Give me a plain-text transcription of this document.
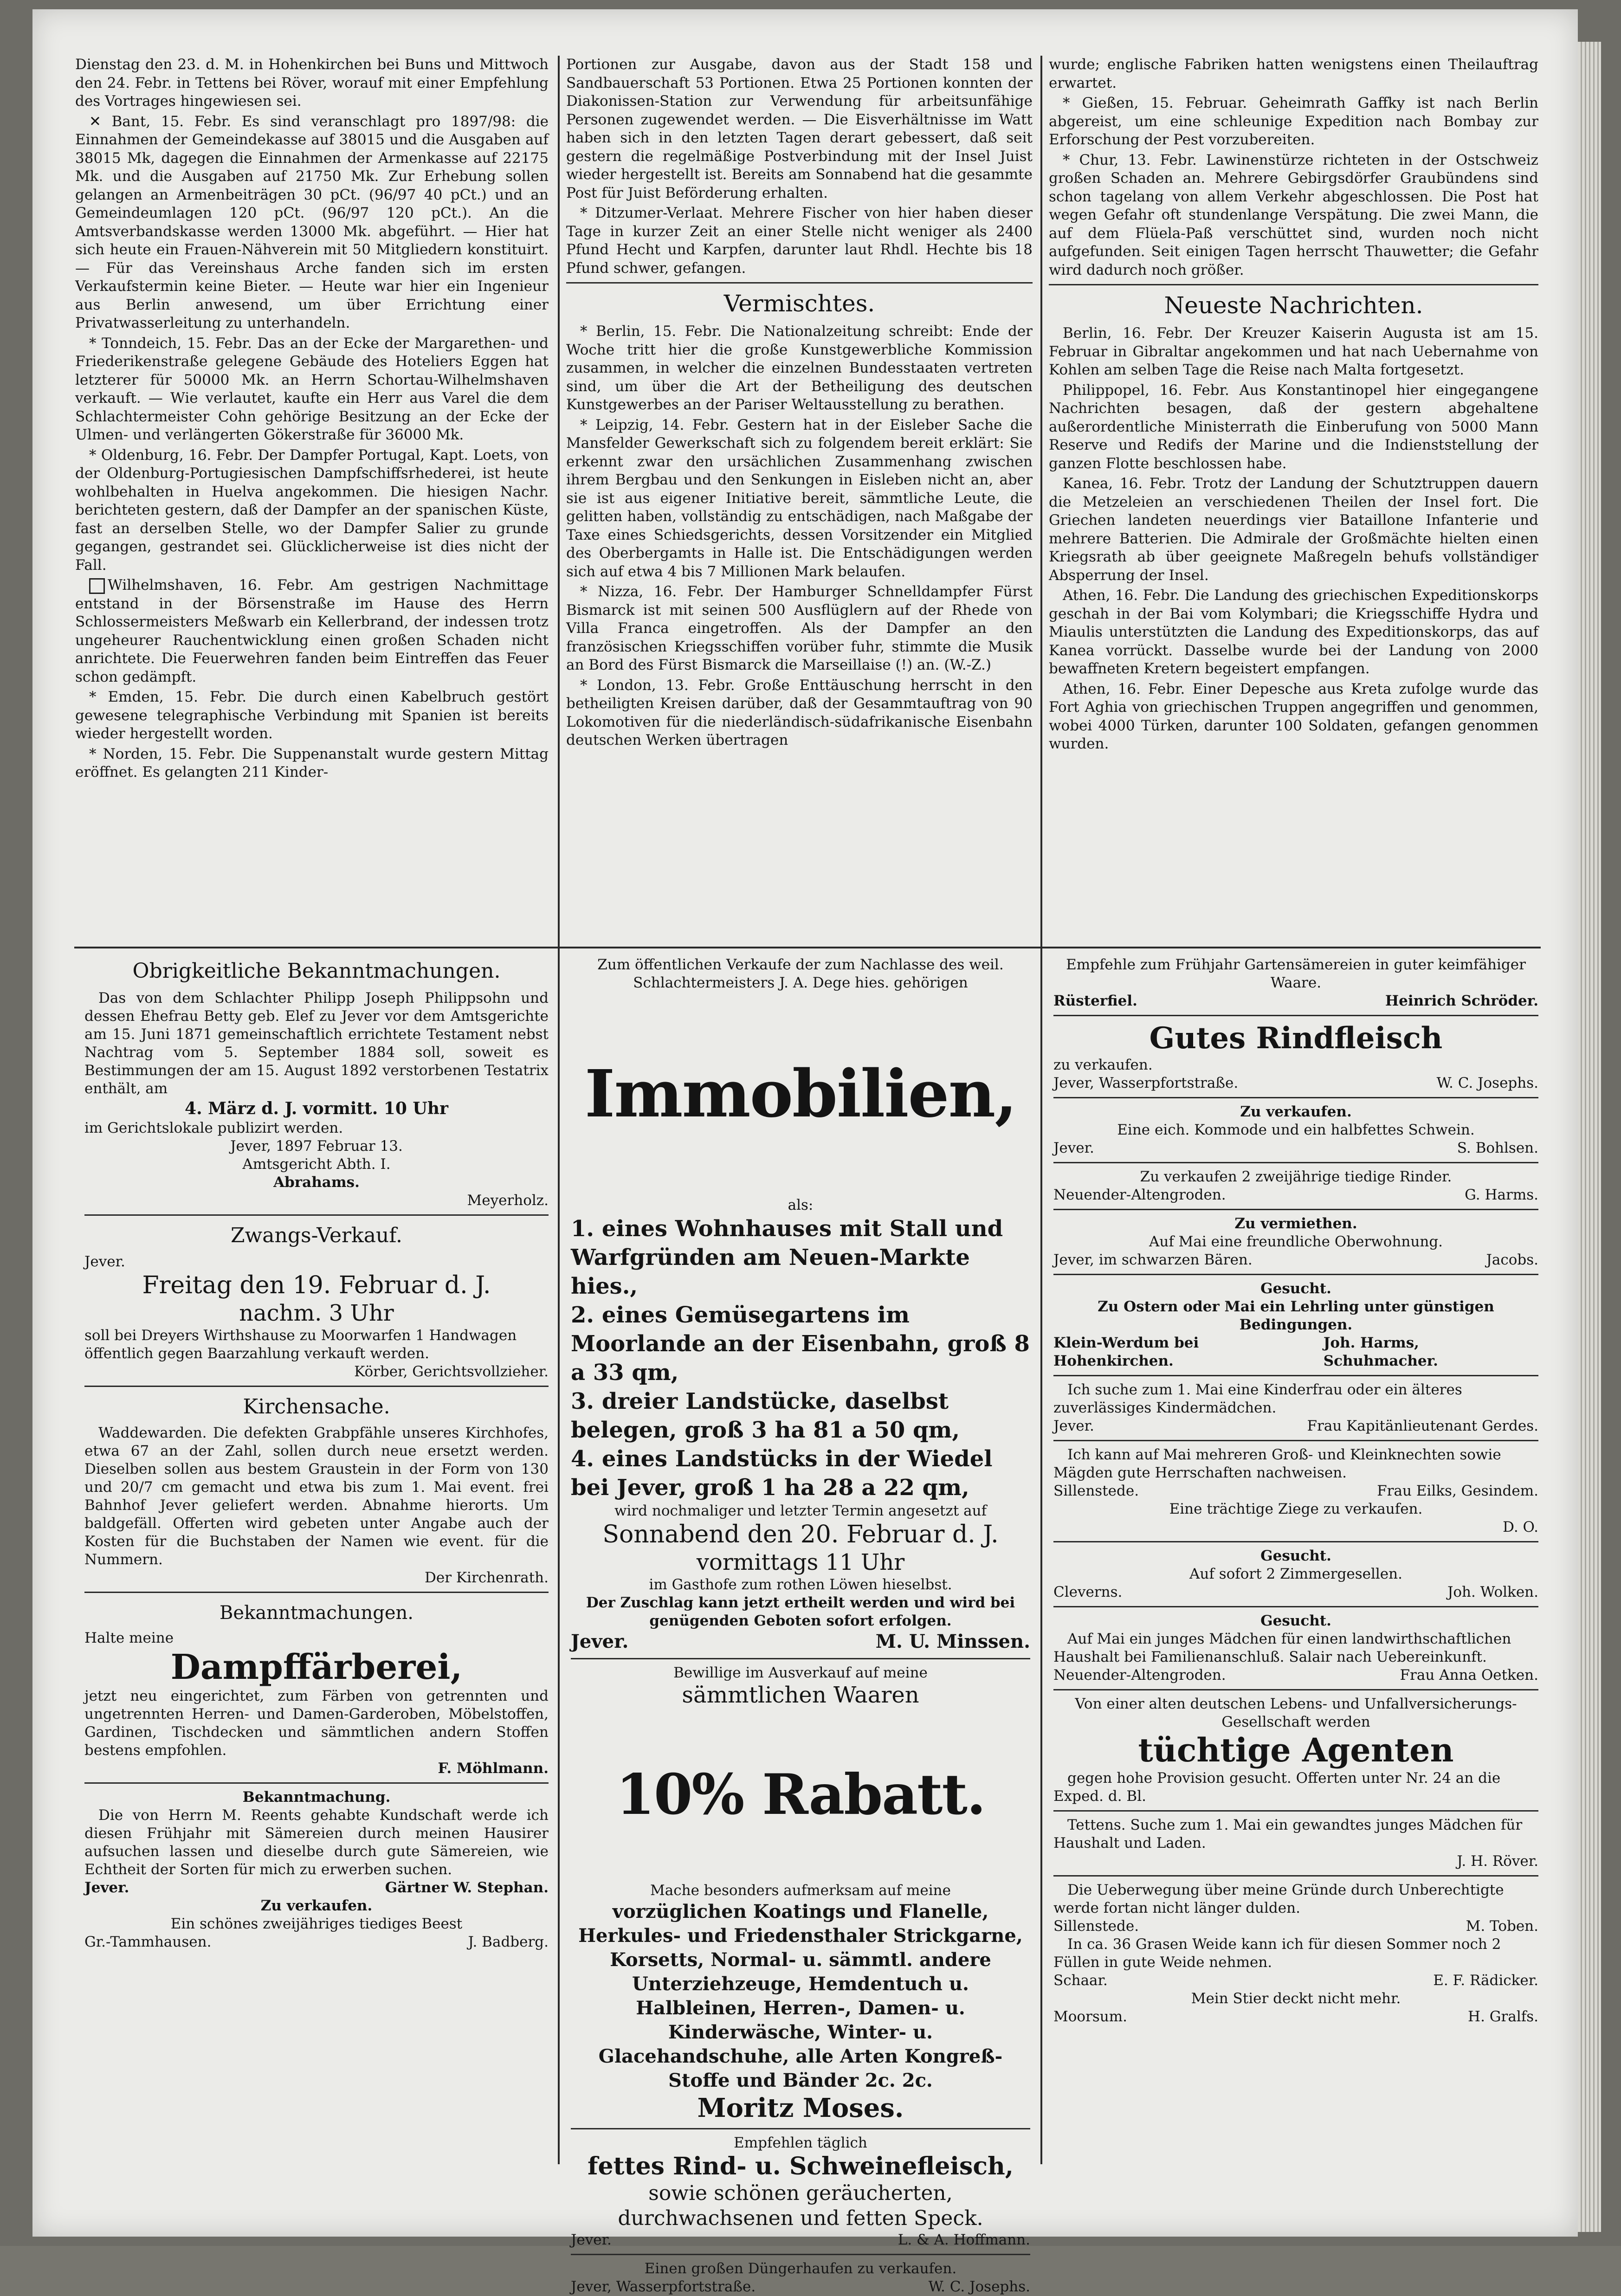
Dienstag den 23. d. M. in Hohenkirchen bei Buns und Mittwoch den 24. Febr. in Tettens bei Röver, worauf mit einer Empfehlung des Vortrages hingewiesen sei.

✕ Bant, 15. Febr. Es sind veranschlagt pro 1897/98: die Einnahmen der Gemeindekasse auf 38015 und die Ausgaben auf 38015 Mk, dagegen die Einnahmen der Armenkasse auf 22175 Mk. und die Ausgaben auf 21750 Mk. Zur Erhebung sollen gelangen an Armenbeiträgen 30 pCt. (96/97 40 pCt.) und an Gemeindeumlagen 120 pCt. (96/97 120 pCt.). An die Amtsverbandskasse werden 13000 Mk. abgeführt. — Hier hat sich heute ein Frauen-Nähverein mit 50 Mitgliedern konstituirt. — Für das Vereinshaus Arche fanden sich im ersten Verkaufstermin keine Bieter. — Heute war hier ein Ingenieur aus Berlin anwesend, um über Errichtung einer Privatwasserleitung zu unterhandeln.

* Tonndeich, 15. Febr. Das an der Ecke der Margarethen- und Friederikenstraße gelegene Gebäude des Hoteliers Eggen hat letzterer für 50000 Mk. an Herrn Schortau-Wilhelmshaven verkauft. — Wie verlautet, kaufte ein Herr aus Varel die dem Schlachtermeister Cohn gehörige Besitzung an der Ecke der Ulmen- und verlängerten Gökerstraße für 36000 Mk.

* Oldenburg, 16. Febr. Der Dampfer Portugal, Kapt. Loets, von der Oldenburg-Portugiesischen Dampfschiffsrhederei, ist heute wohlbehalten in Huelva angekommen. Die hiesigen Nachr. berichteten gestern, daß der Dampfer an der spanischen Küste, fast an derselben Stelle, wo der Dampfer Salier zu grunde gegangen, gestrandet sei. Glücklicherweise ist dies nicht der Fall.

Wilhelmshaven, 16. Febr. Am gestrigen Nachmittage entstand in der Börsenstraße im Hause des Herrn Schlossermeisters Meßwarb ein Kellerbrand, der indessen trotz ungeheurer Rauchentwicklung einen großen Schaden nicht anrichtete. Die Feuerwehren fanden beim Eintreffen das Feuer schon gedämpft.

* Emden, 15. Febr. Die durch einen Kabelbruch gestört gewesene telegraphische Verbindung mit Spanien ist bereits wieder hergestellt worden.

* Norden, 15. Febr. Die Suppenanstalt wurde gestern Mittag eröffnet. Es gelangten 211 Kinder-

Portionen zur Ausgabe, davon aus der Stadt 158 und Sandbauerschaft 53 Portionen. Etwa 25 Portionen konnten der Diakonissen-Station zur Verwendung für arbeitsunfähige Personen zugewendet werden. — Die Eisverhältnisse im Watt haben sich in den letzten Tagen derart gebessert, daß seit gestern die regelmäßige Postverbindung mit der Insel Juist wieder hergestellt ist. Bereits am Sonnabend hat die gesammte Post für Juist Beförderung erhalten.

* Ditzumer-Verlaat. Mehrere Fischer von hier haben dieser Tage in kurzer Zeit an einer Stelle nicht weniger als 2400 Pfund Hecht und Karpfen, darunter laut Rhdl. Hechte bis 18 Pfund schwer, gefangen.

Vermischtes.

* Berlin, 15. Febr. Die Nationalzeitung schreibt: Ende der Woche tritt hier die große Kunstgewerbliche Kommission zusammen, in welcher die einzelnen Bundesstaaten vertreten sind, um über die Art der Betheiligung des deutschen Kunstgewerbes an der Pariser Weltausstellung zu berathen.

* Leipzig, 14. Febr. Gestern hat in der Eisleber Sache die Mansfelder Gewerkschaft sich zu folgendem bereit erklärt: Sie erkennt zwar den ursächlichen Zusammenhang zwischen ihrem Bergbau und den Senkungen in Eisleben nicht an, aber sie ist aus eigener Initiative bereit, sämmtliche Leute, die gelitten haben, vollständig zu entschädigen, nach Maßgabe der Taxe eines Schiedsgerichts, dessen Vorsitzender ein Mitglied des Oberbergamts in Halle ist. Die Entschädigungen werden sich auf etwa 4 bis 7 Millionen Mark belaufen.

* Nizza, 16. Febr. Der Hamburger Schnelldampfer Fürst Bismarck ist mit seinen 500 Ausflüglern auf der Rhede von Villa Franca eingetroffen. Als der Dampfer an den französischen Kriegsschiffen vorüber fuhr, stimmte die Musik an Bord des Fürst Bismarck die Marseillaise (!) an. (W.-Z.)

* London, 13. Febr. Große Enttäuschung herrscht in den betheiligten Kreisen darüber, daß der Gesammtauftrag von 90 Lokomotiven für die niederländisch-südafrikanische Eisenbahn deutschen Werken übertragen

wurde; englische Fabriken hatten wenigstens einen Theilauftrag erwartet.

* Gießen, 15. Februar. Geheimrath Gaffky ist nach Berlin abgereist, um eine schleunige Expedition nach Bombay zur Erforschung der Pest vorzubereiten.

* Chur, 13. Febr. Lawinenstürze richteten in der Ostschweiz großen Schaden an. Mehrere Gebirgsdörfer Graubündens sind schon tagelang von allem Verkehr abgeschlossen. Die Post hat wegen Gefahr oft stundenlange Verspätung. Die zwei Mann, die auf dem Flüela-Paß verschüttet sind, wurden noch nicht aufgefunden. Seit einigen Tagen herrscht Thauwetter; die Gefahr wird dadurch noch größer.

Neueste Nachrichten.

Berlin, 16. Febr. Der Kreuzer Kaiserin Augusta ist am 15. Februar in Gibraltar angekommen und hat nach Uebernahme von Kohlen am selben Tage die Reise nach Malta fortgesetzt.

Philippopel, 16. Febr. Aus Konstantinopel hier eingegangene Nachrichten besagen, daß der gestern abgehaltene außerordentliche Ministerrath die Einberufung von 5000 Mann Reserve und Redifs der Marine und die Indienststellung der ganzen Flotte beschlossen habe.

Kanea, 16. Febr. Trotz der Landung der Schutztruppen dauern die Metzeleien an verschiedenen Theilen der Insel fort. Die Griechen landeten neuerdings vier Bataillone Infanterie und mehrere Batterien. Die Admirale der Großmächte hielten einen Kriegsrath ab über geeignete Maßregeln behufs vollständiger Absperrung der Insel.

Athen, 16. Febr. Die Landung des griechischen Expeditionskorps geschah in der Bai vom Kolymbari; die Kriegsschiffe Hydra und Miaulis unterstützten die Landung des Expeditionskorps, das auf Kanea vorrückt. Dasselbe wurde bei der Landung von 2000 bewaffneten Kretern begeistert empfangen.

Athen, 16. Febr. Einer Depesche aus Kreta zufolge wurde das Fort Aghia von griechischen Truppen angegriffen und genommen, wobei 4000 Türken, darunter 100 Soldaten, gefangen genommen wurden.

Obrigkeitliche Bekanntmachungen.

Das von dem Schlachter Philipp Joseph Philippsohn und dessen Ehefrau Betty geb. Elef zu Jever vor dem Amtsgerichte am 15. Juni 1871 gemeinschaftlich errichtete Testament nebst Nachtrag vom 5. September 1884 soll, soweit es Bestimmungen der am 15. August 1892 verstorbenen Testatrix enthält, am

4. März d. J. vormitt. 10 Uhr

im Gerichtslokale publizirt werden.

Jever, 1897 Februar 13.

Amtsgericht Abth. I.

Abrahams.

Meyerholz.

Zwangs-Verkauf.

Jever.

Freitag den 19. Februar d. J.

nachm. 3 Uhr

soll bei Dreyers Wirthshause zu Moorwarfen 1 Handwagen öffentlich gegen Baarzahlung verkauft werden.

Körber, Gerichtsvollzieher.

Kirchensache.

Waddewarden. Die defekten Grabpfähle unseres Kirchhofes, etwa 67 an der Zahl, sollen durch neue ersetzt werden. Dieselben sollen aus bestem Graustein in der Form von 130 und 20/7 cm gemacht und etwa bis zum 1. Mai event. frei Bahnhof Jever geliefert werden. Abnahme hierorts. Um baldgefäll. Offerten wird gebeten unter Angabe auch der Kosten für die Buchstaben der Namen wie event. für die Nummern.

Der Kirchenrath.

Bekanntmachungen.

Halte meine

Dampffärberei,

jetzt neu eingerichtet, zum Färben von getrennten und ungetrennten Herren- und Damen-Garderoben, Möbelstoffen, Gardinen, Tischdecken und sämmtlichen andern Stoffen bestens empfohlen.

F. Möhlmann.

Bekanntmachung.

Die von Herrn M. Reents gehabte Kundschaft werde ich diesen Frühjahr mit Sämereien durch meinen Hausirer aufsuchen lassen und dieselbe durch gute Sämereien, wie Echtheit der Sorten für mich zu erwerben suchen.

Jever.	Gärtner W. Stephan.

Zu verkaufen.

Ein schönes zweijähriges tiediges Beest

Gr.-Tammhausen.	J. Badberg.

Zum öffentlichen Verkaufe der zum Nachlasse des weil. Schlachtermeisters J. A. Dege hies. gehörigen

Immobilien,

als:

1. eines Wohnhauses mit Stall und Warfgründen am Neuen-Markte hies.,

2. eines Gemüsegartens im Moorlande an der Eisenbahn, groß 8 a 33 qm,

3. dreier Landstücke, daselbst belegen, groß 3 ha 81 a 50 qm,

4. eines Landstücks in der Wiedel bei Jever, groß 1 ha 28 a 22 qm,

wird nochmaliger und letzter Termin angesetzt auf

Sonnabend den 20. Februar d. J.

vormittags 11 Uhr

im Gasthofe zum rothen Löwen hieselbst.

Der Zuschlag kann jetzt ertheilt werden und wird bei genügenden Geboten sofort erfolgen.

Jever.	M. U. Minssen.

Bewillige im Ausverkauf auf meine

sämmtlichen Waaren

10% Rabatt.

Mache besonders aufmerksam auf meine

vorzüglichen Koatings und Flanelle, Herkules- und Friedensthaler Strickgarne, Korsetts, Normal- u. sämmtl. andere Unterziehzeuge, Hemdentuch u. Halbleinen, Herren-, Damen- u. Kinderwäsche, Winter- u. Glacehandschuhe, alle Arten Kongreß-Stoffe und Bänder 2c. 2c.

Moritz Moses.

Empfehlen täglich

fettes Rind- u. Schweinefleisch,

sowie schönen geräucherten, durchwachsenen und fetten Speck.

Jever.	L. & A. Hoffmann.

Einen großen Düngerhaufen zu verkaufen.

Jever, Wasserpfortstraße.	W. C. Josephs.

Empfehle zum Frühjahr Gartensämereien in guter keimfähiger Waare.

Rüsterfiel.	Heinrich Schröder.

Gutes Rindfleisch

zu verkaufen.

Jever, Wasserpfortstraße.	W. C. Josephs.

Zu verkaufen.

Eine eich. Kommode und ein halbfettes Schwein.

Jever.	S. Bohlsen.

Zu verkaufen 2 zweijährige tiedige Rinder.

Neuender-Altengroden.	G. Harms.

Zu vermiethen.

Auf Mai eine freundliche Oberwohnung.

Jever, im schwarzen Bären.	Jacobs.

Gesucht.

Zu Ostern oder Mai ein Lehrling unter günstigen Bedingungen.

Klein-Werdum bei Hohenkirchen.
Joh. Harms, Schuhmacher.

Ich suche zum 1. Mai eine Kinderfrau oder ein älteres zuverlässiges Kindermädchen.

Jever.	Frau Kapitänlieutenant Gerdes.

Ich kann auf Mai mehreren Groß- und Kleinknechten sowie Mägden gute Herrschaften nachweisen.

Sillenstede.	Frau Eilks, Gesindem.

Eine trächtige Ziege zu verkaufen.

D. O.

Gesucht.

Auf sofort 2 Zimmergesellen.

Cleverns.	Joh. Wolken.

Gesucht.

Auf Mai ein junges Mädchen für einen landwirthschaftlichen Haushalt bei Familienanschluß. Salair nach Uebereinkunft.

Neuender-Altengroden.	Frau Anna Oetken.

Von einer alten deutschen Lebens- und Unfallversicherungs-Gesellschaft werden

tüchtige Agenten

gegen hohe Provision gesucht. Offerten unter Nr. 24 an die Exped. d. Bl.

Tettens. Suche zum 1. Mai ein gewandtes junges Mädchen für Haushalt und Laden.

J. H. Röver.

Die Ueberwegung über meine Gründe durch Unberechtigte werde fortan nicht länger dulden.

Sillenstede.	M. Toben.

In ca. 36 Grasen Weide kann ich für diesen Sommer noch 2 Füllen in gute Weide nehmen.

Schaar.	E. F. Rädicker.

Mein Stier deckt nicht mehr.

Moorsum.	H. Gralfs.
